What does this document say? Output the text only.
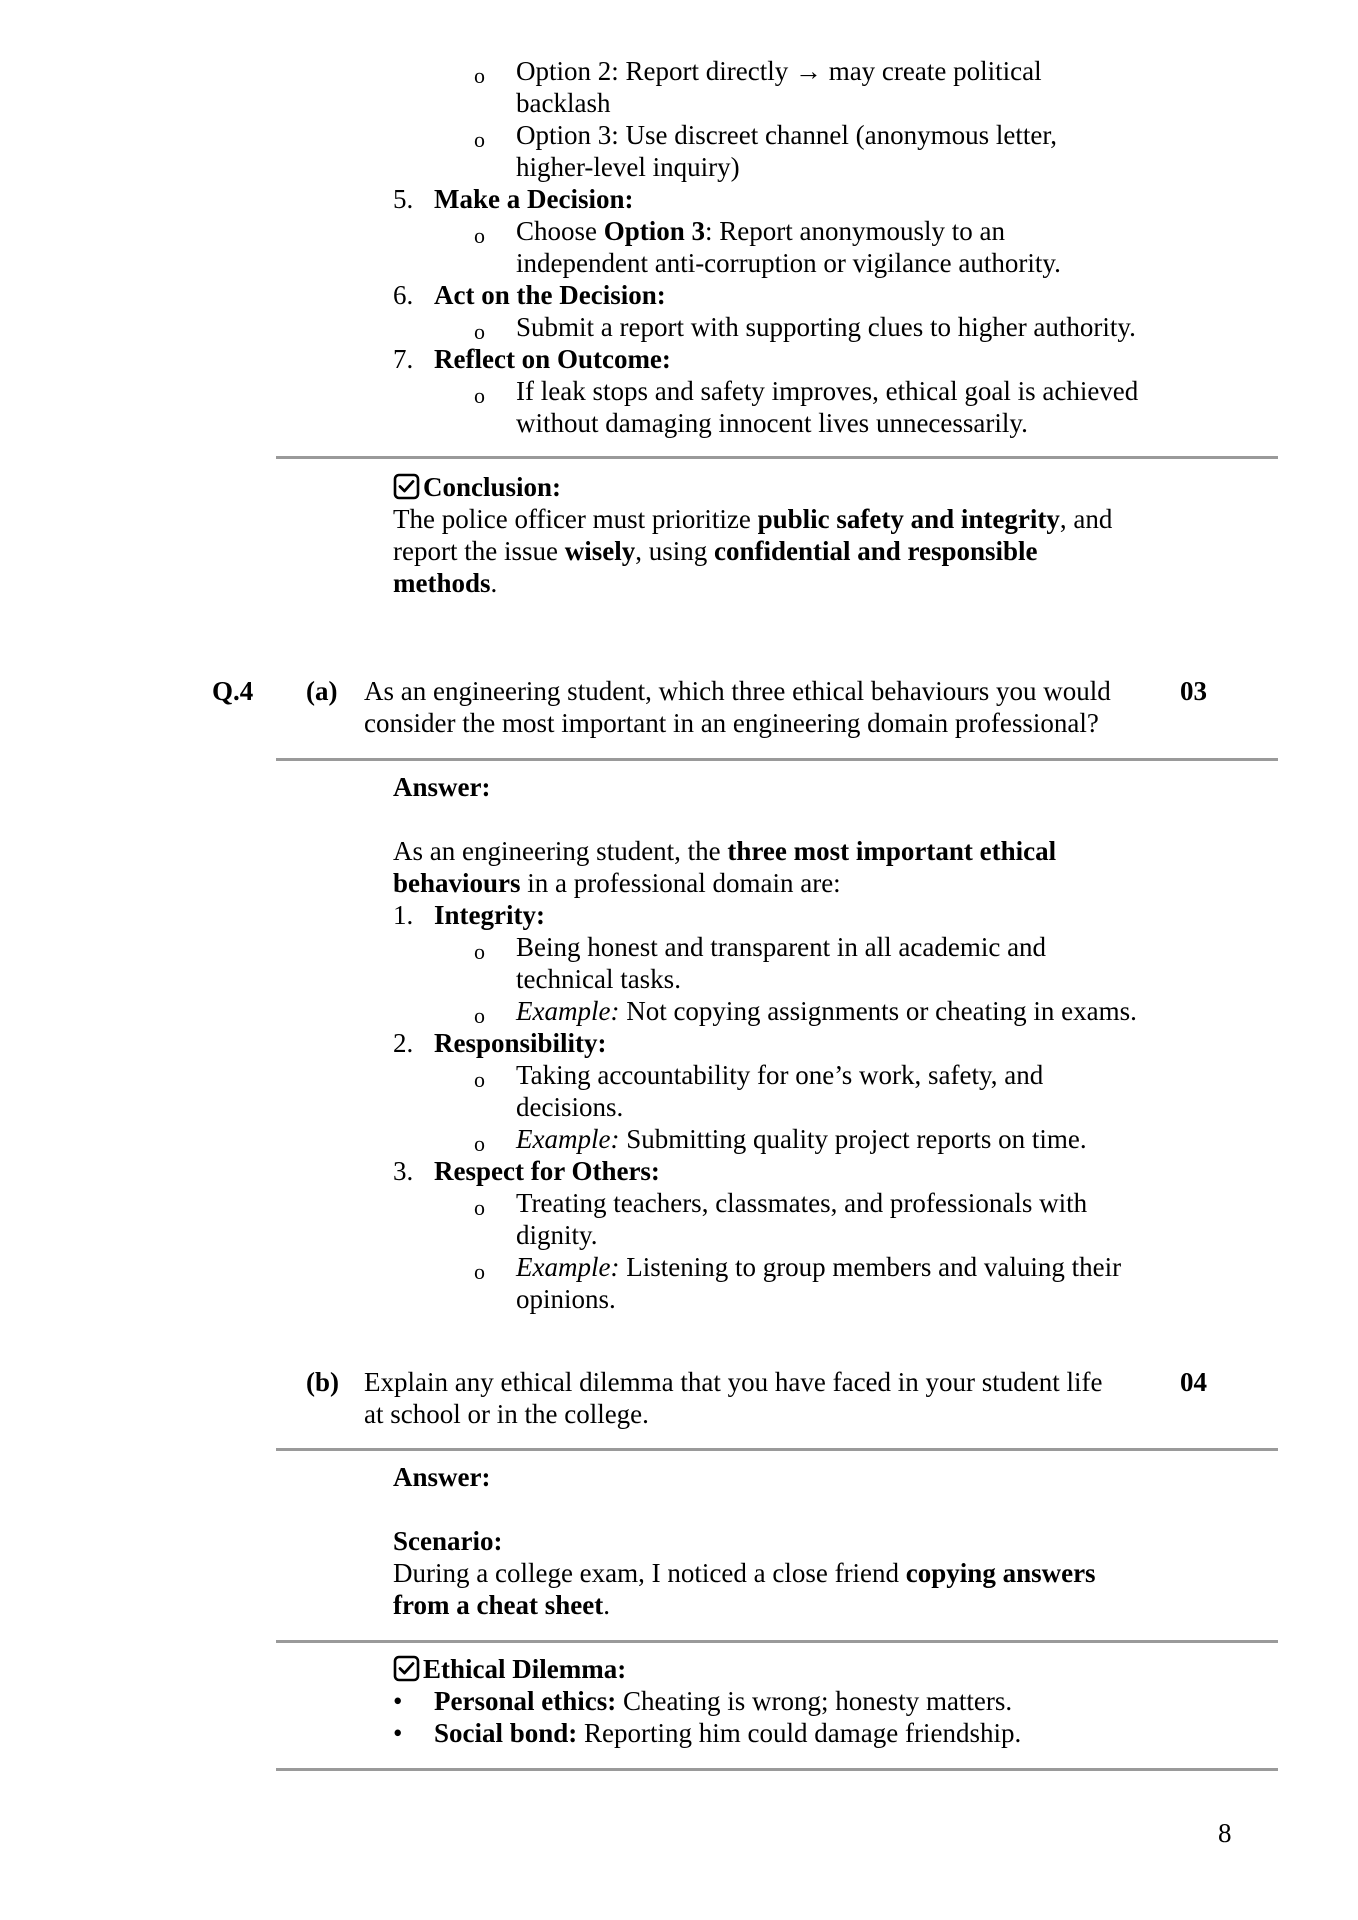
o Option 2: Report directly → may create political
backlash
o Option 3: Use discreet channel (anonymous letter,
higher-level inquiry)
5. Make a Decision:
o Choose Option 3: Report anonymously to an
independent anti-corruption or vigilance authority.
6. Act on the Decision:
o Submit a report with supporting clues to higher authority.
7. Reflect on Outcome:
o If leak stops and safety improves, ethical goal is achieved
without damaging innocent lives unnecessarily.
Conclusion:
The police officer must prioritize public safety and integrity, and
report the issue wisely, using confidential and responsible
methods.
Q.4 (a) As an engineering student, which three ethical behaviours you would
consider the most important in an engineering domain professional?
03
Answer:
As an engineering student, the three most important ethical
behaviours in a professional domain are:
1. Integrity:
o Being honest and transparent in all academic and
technical tasks.
o Example: Not copying assignments or cheating in exams.
2. Responsibility:
o Taking accountability for one’s work, safety, and
decisions.
o Example: Submitting quality project reports on time.
3. Respect for Others:
o Treating teachers, classmates, and professionals with
dignity.
o Example: Listening to group members and valuing their
opinions.
(b) Explain any ethical dilemma that you have faced in your student life
at school or in the college.
04
Answer:
Scenario:
During a college exam, I noticed a close friend copying answers
from a cheat sheet.
Ethical Dilemma:
• Personal ethics: Cheating is wrong; honesty matters.
• Social bond: Reporting him could damage friendship.
8
